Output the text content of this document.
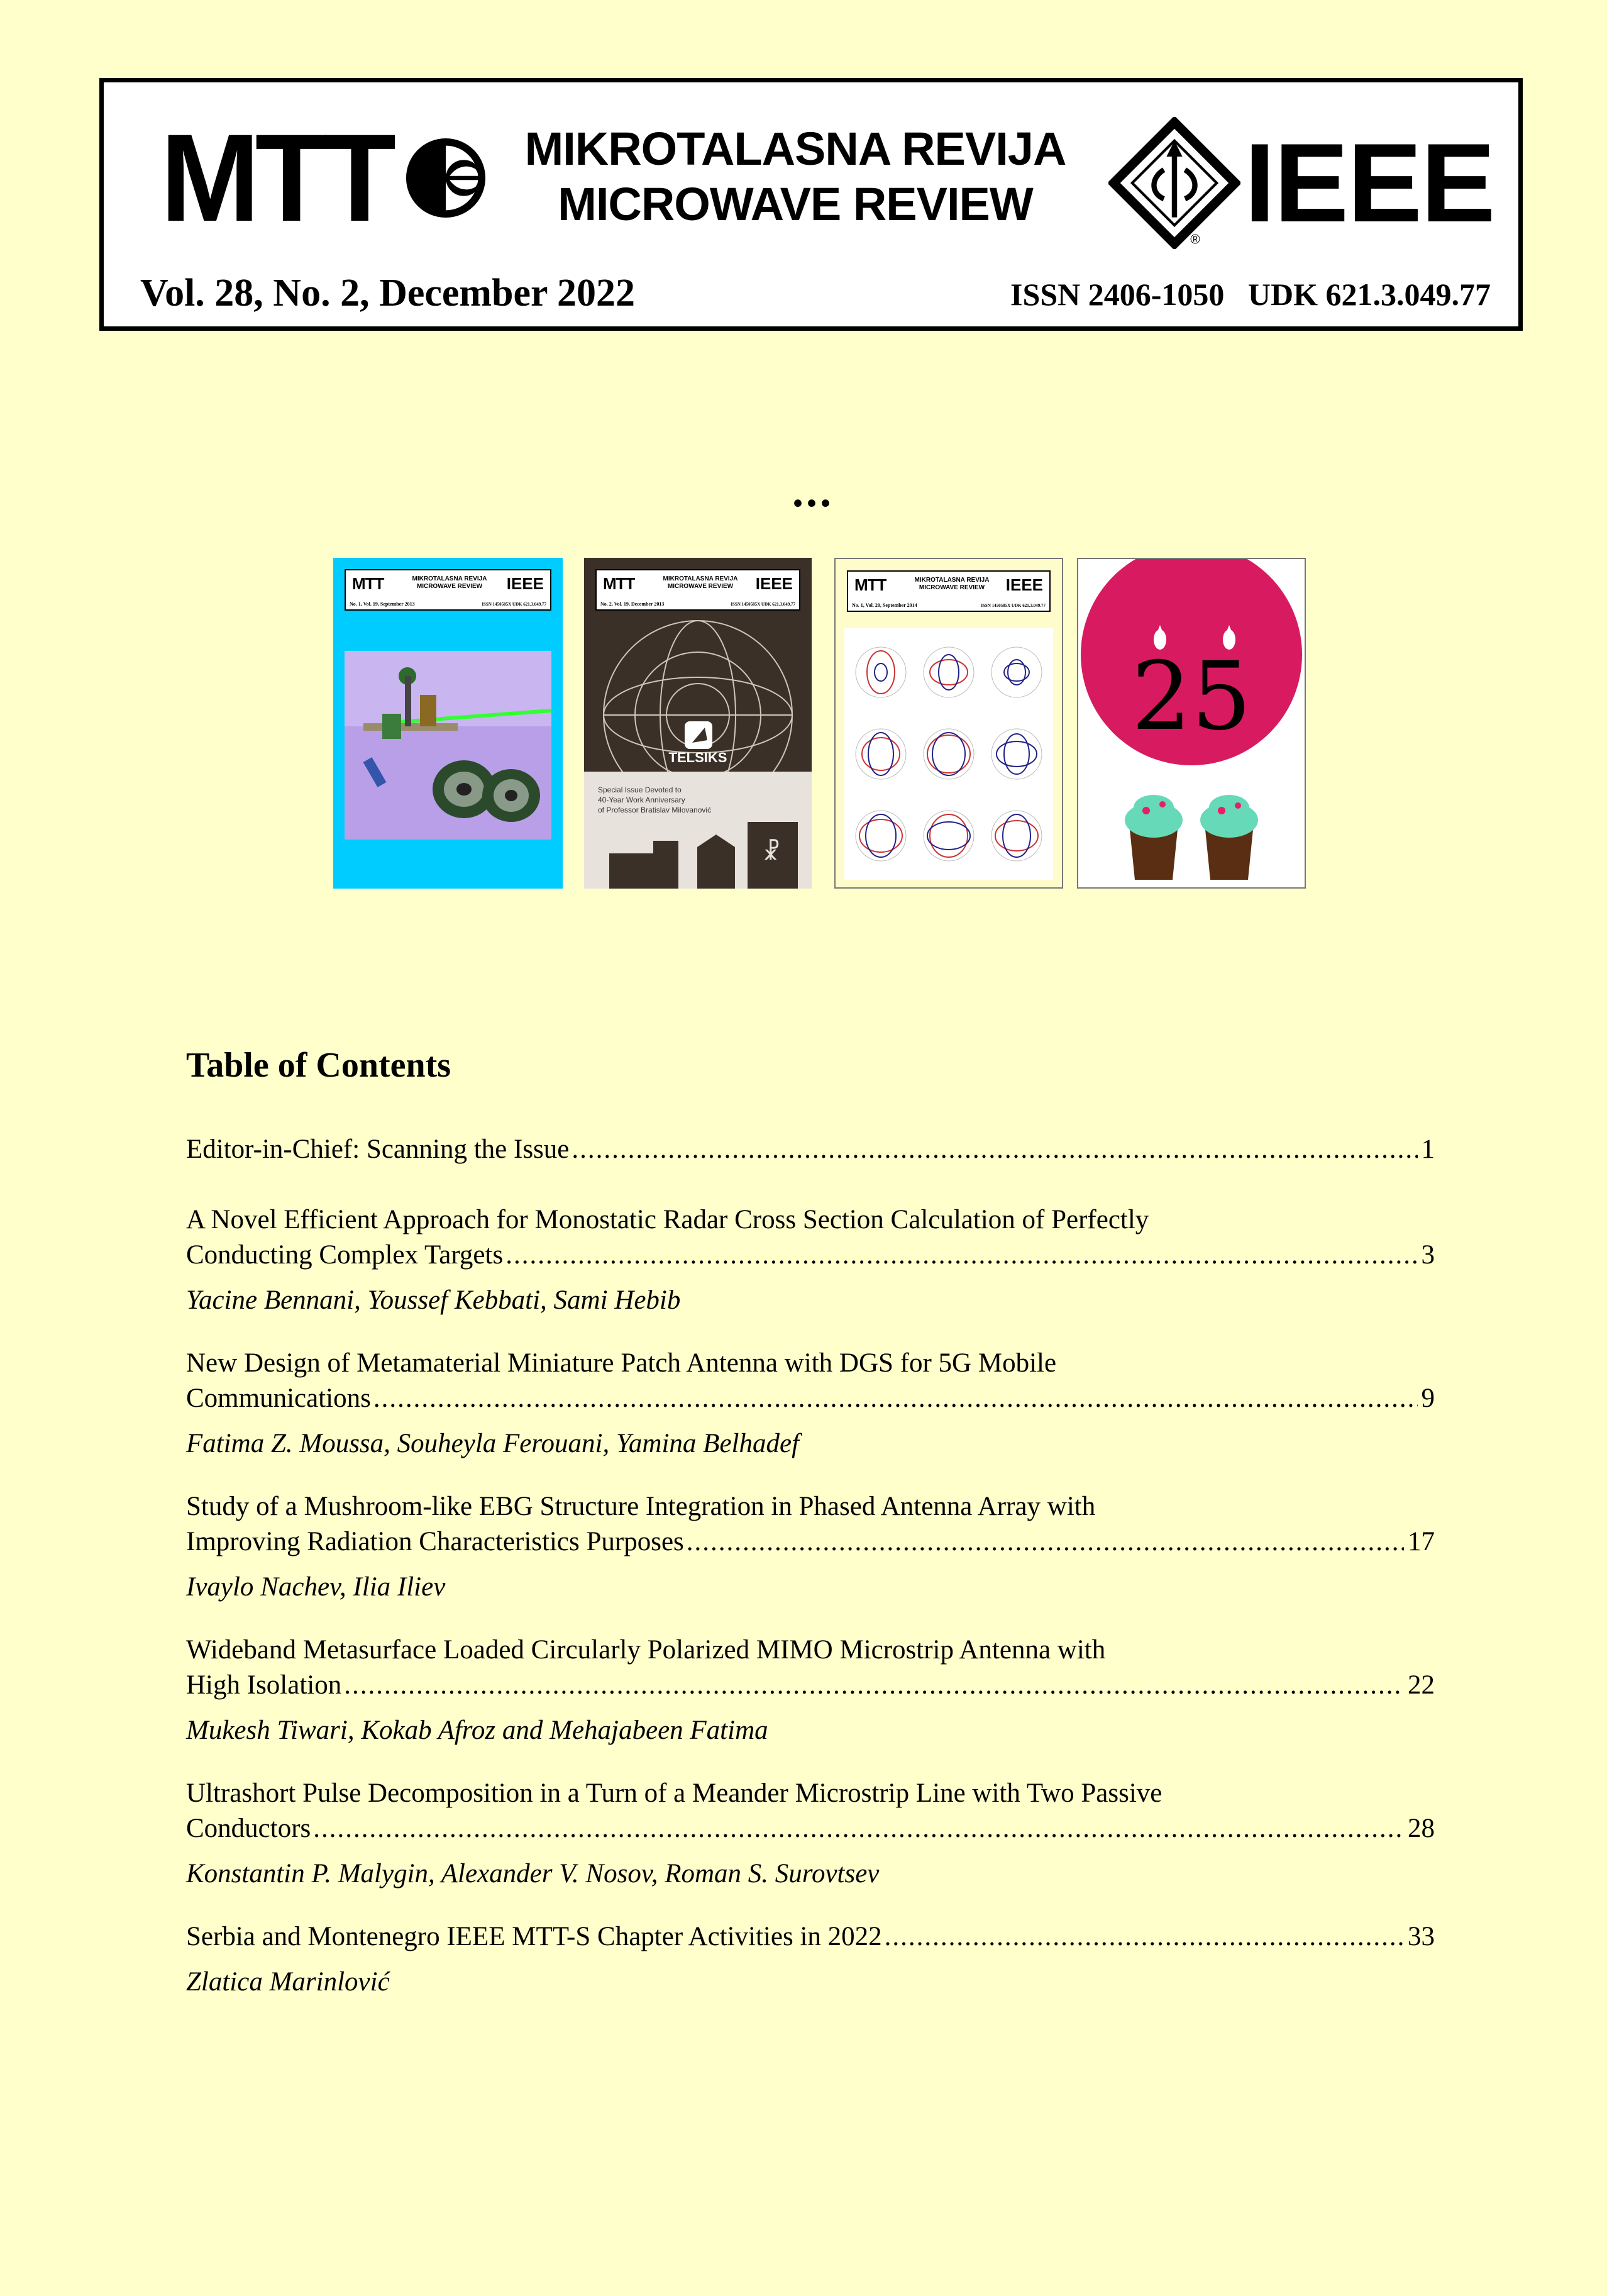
MTT	MIKROTALASNA REVIJA
MICROWAVE REVIEW
® IEEE
Vol. 28, No. 2, December 2022	ISSN 2406-1050   UDK 621.3.049.77
...
MTT	MIKROTALASNA REVIJA MICROWAVE REVIEW	IEEE
No. 1, Vol. 19, September 2013	ISSN 1450585X UDK 621.3.049.77
MTT	MIKROTALASNA REVIJA MICROWAVE REVIEW	IEEE
No. 2, Vol. 19, December 2013	ISSN 1450585X UDK 621.3.049.77
TELSIKS
Special Issue Devoted to
40-Year Work Anniversary
of Professor Bratislav Milovanović
☧
MTT	MIKROTALASNA REVIJA MICROWAVE REVIEW	IEEE
No. 1, Vol. 20, September 2014	ISSN 1450585X UDK 621.3.049.77
25
Table of Contents
Editor-in-Chief: Scanning the Issue .....	1
A Novel Efficient Approach for Monostatic Radar Cross Section Calculation of Perfectly
Conducting Complex Targets .....	3
Yacine Bennani, Youssef Kebbati, Sami Hebib
New Design of Metamaterial Miniature Patch Antenna with DGS for 5G Mobile
Communications .....	9
Fatima Z. Moussa, Souheyla Ferouani, Yamina Belhadef
Study of a Mushroom-like EBG Structure Integration in Phased Antenna Array with
Improving Radiation Characteristics Purposes .....	17
Ivaylo Nachev, Ilia Iliev
Wideband Metasurface Loaded Circularly Polarized MIMO Microstrip Antenna with
High Isolation .....	22
Mukesh Tiwari, Kokab Afroz and Mehajabeen Fatima
Ultrashort Pulse Decomposition in a Turn of a Meander Microstrip Line with Two Passive
Conductors .....	28
Konstantin P. Malygin, Alexander V. Nosov, Roman S. Surovtsev
Serbia and Montenegro IEEE MTT-S Chapter Activities in 2022 .....	33
Zlatica Marinlović
